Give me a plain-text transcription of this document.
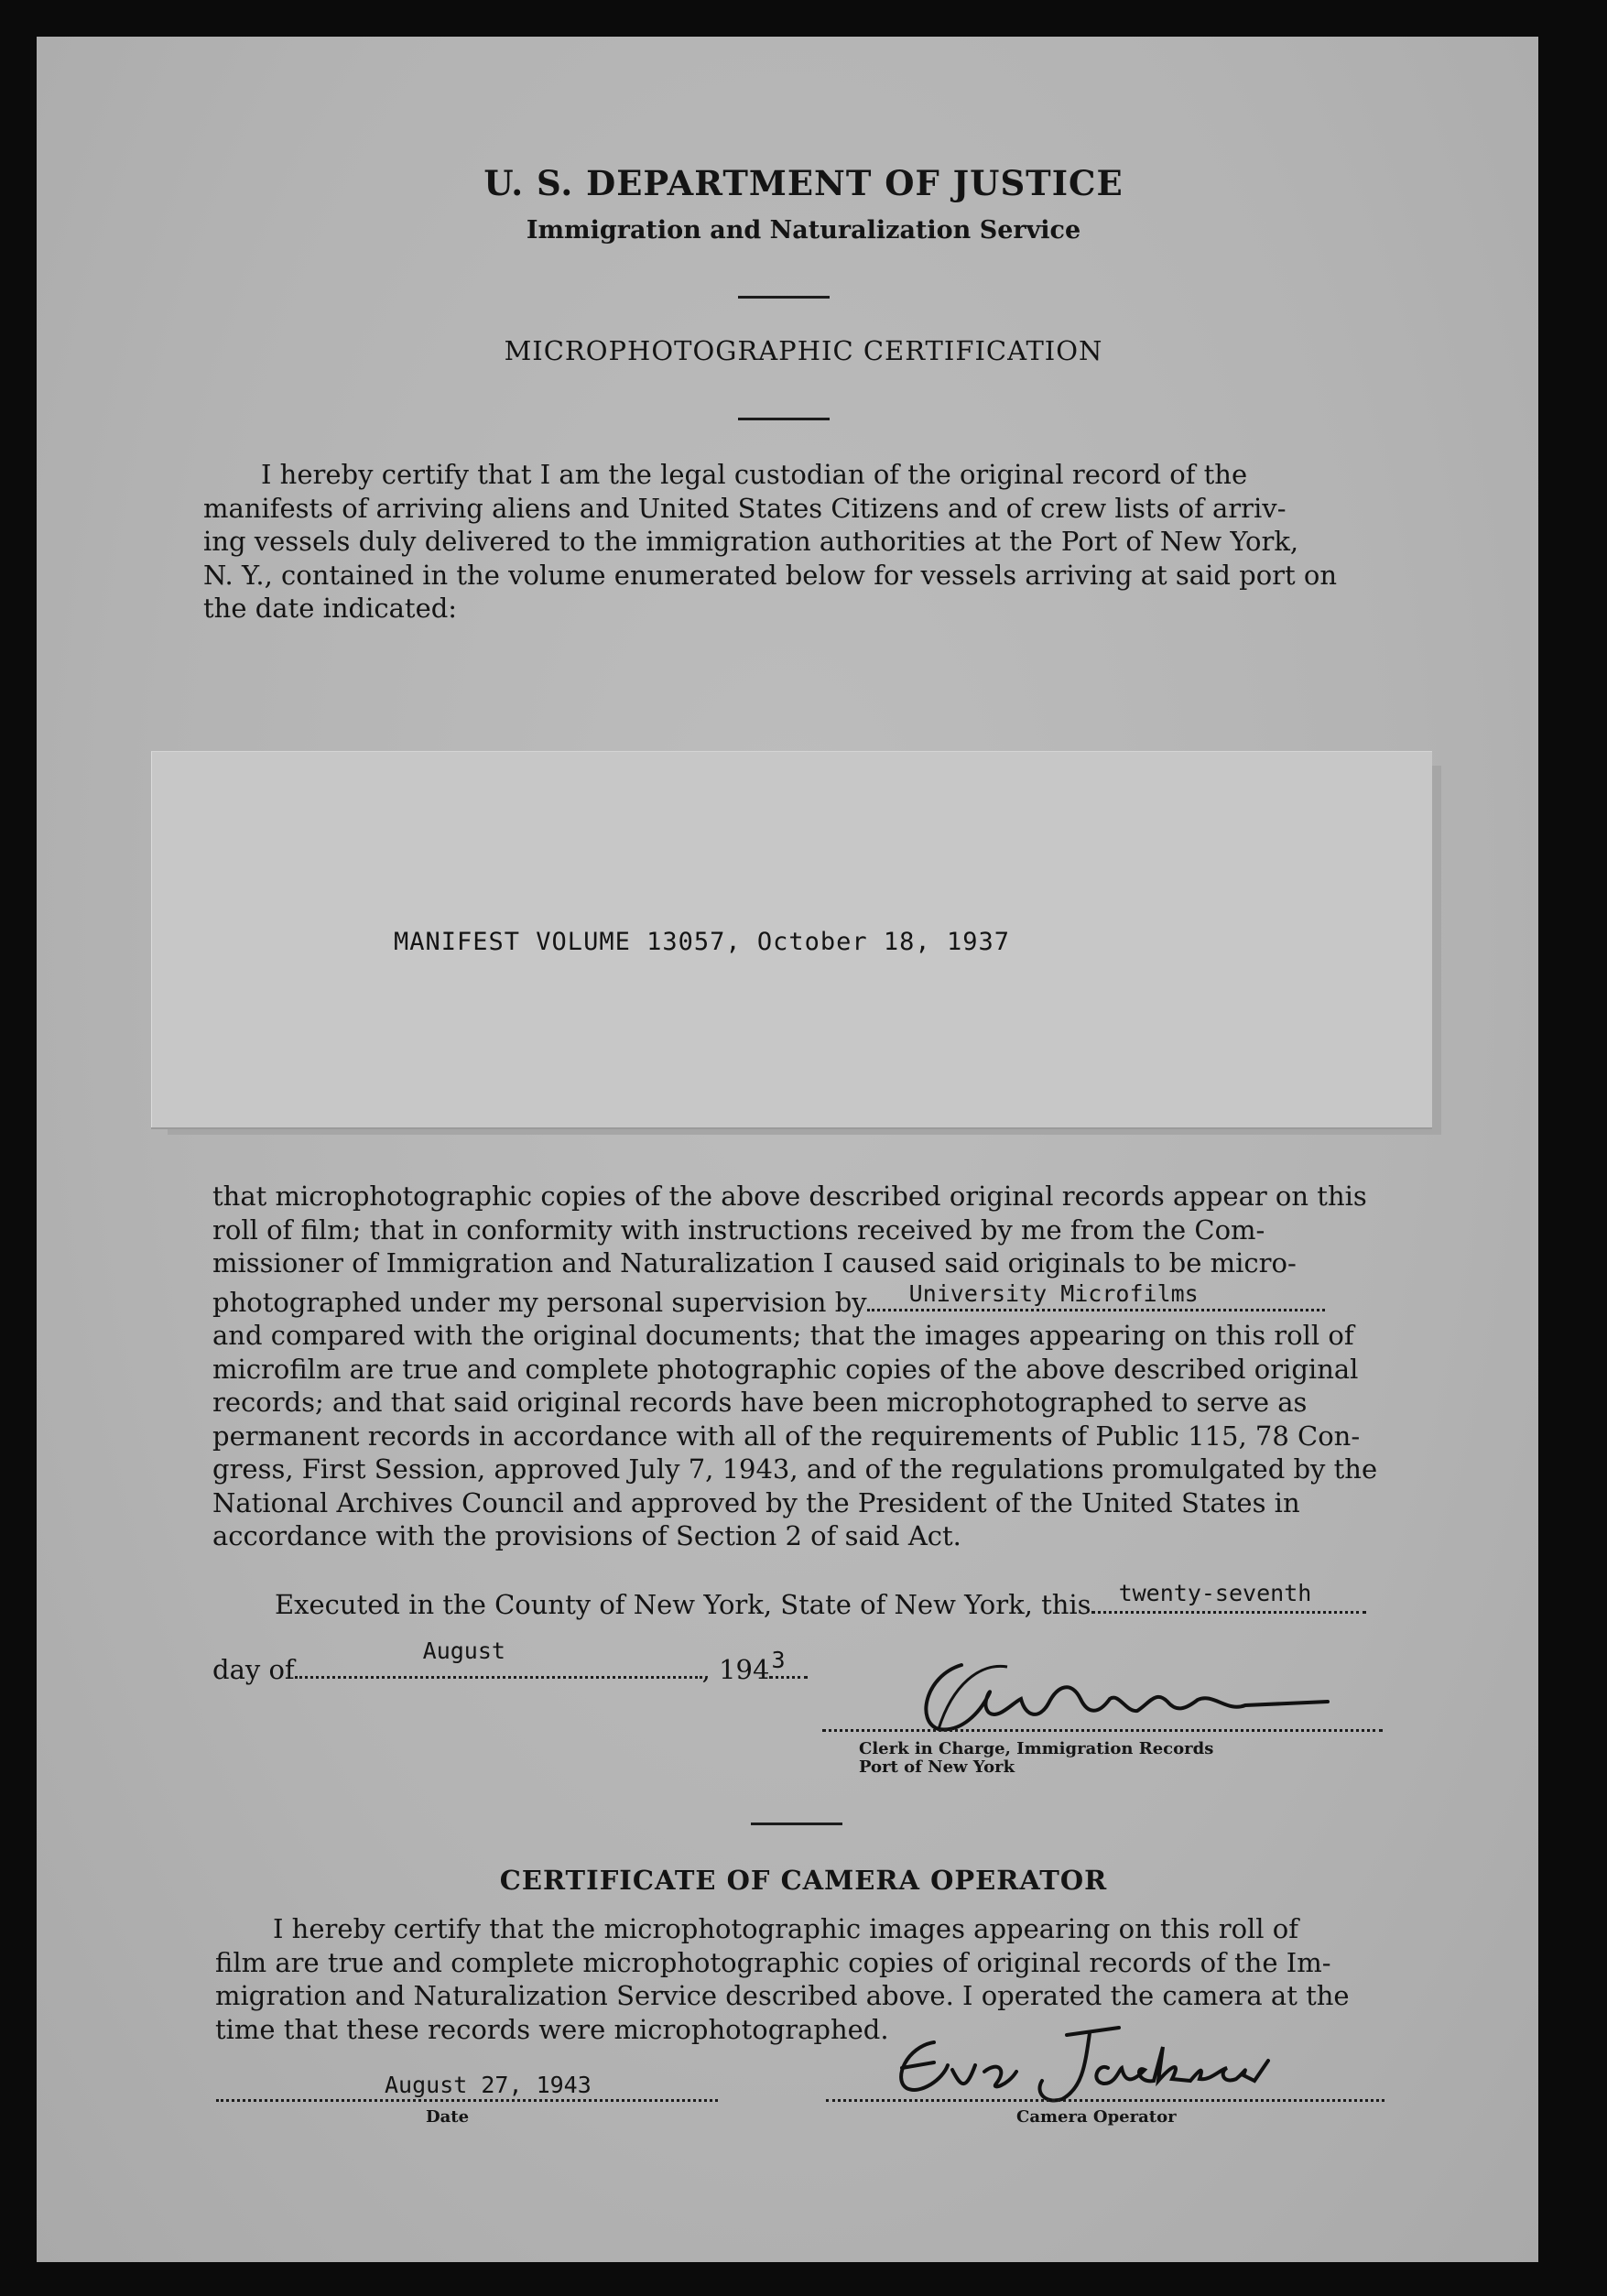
U. S. DEPARTMENT OF JUSTICE
Immigration and Naturalization Service
MICROPHOTOGRAPHIC CERTIFICATION
I hereby certify that I am the legal custodian of the original record of the
manifests of arriving aliens and United States Citizens and of crew lists of arriv-
ing vessels duly delivered to the immigration authorities at the Port of New York,
N. Y., contained in the volume enumerated below for vessels arriving at said port on
the date indicated:
MANIFEST VOLUME 13057, October 18, 1937
that microphotographic copies of the above described original records appear on this
roll of film; that in conformity with instructions received by me from the Com-
missioner of Immigration and Naturalization I caused said originals to be micro-
photographed under my personal supervision by University Microfilms
and compared with the original documents; that the images appearing on this roll of
microfilm are true and complete photographic copies of the above described original
records; and that said original records have been microphotographed to serve as
permanent records in accordance with all of the requirements of Public 115, 78 Con-
gress, First Session, approved July 7, 1943, and of the regulations promulgated by the
National Archives Council and approved by the President of the United States in
accordance with the provisions of Section 2 of said Act.
Executed in the County of New York, State of New York, this twenty-seventh
day of
August
, 194 3
Clerk in Charge, Immigration Records
Port of New York
CERTIFICATE OF CAMERA OPERATOR
I hereby certify that the microphotographic images appearing on this roll of
film are true and complete microphotographic copies of original records of the Im-
migration and Naturalization Service described above. I operated the camera at the
time that these records were microphotographed.
August 27, 1943
Date	Camera Operator
